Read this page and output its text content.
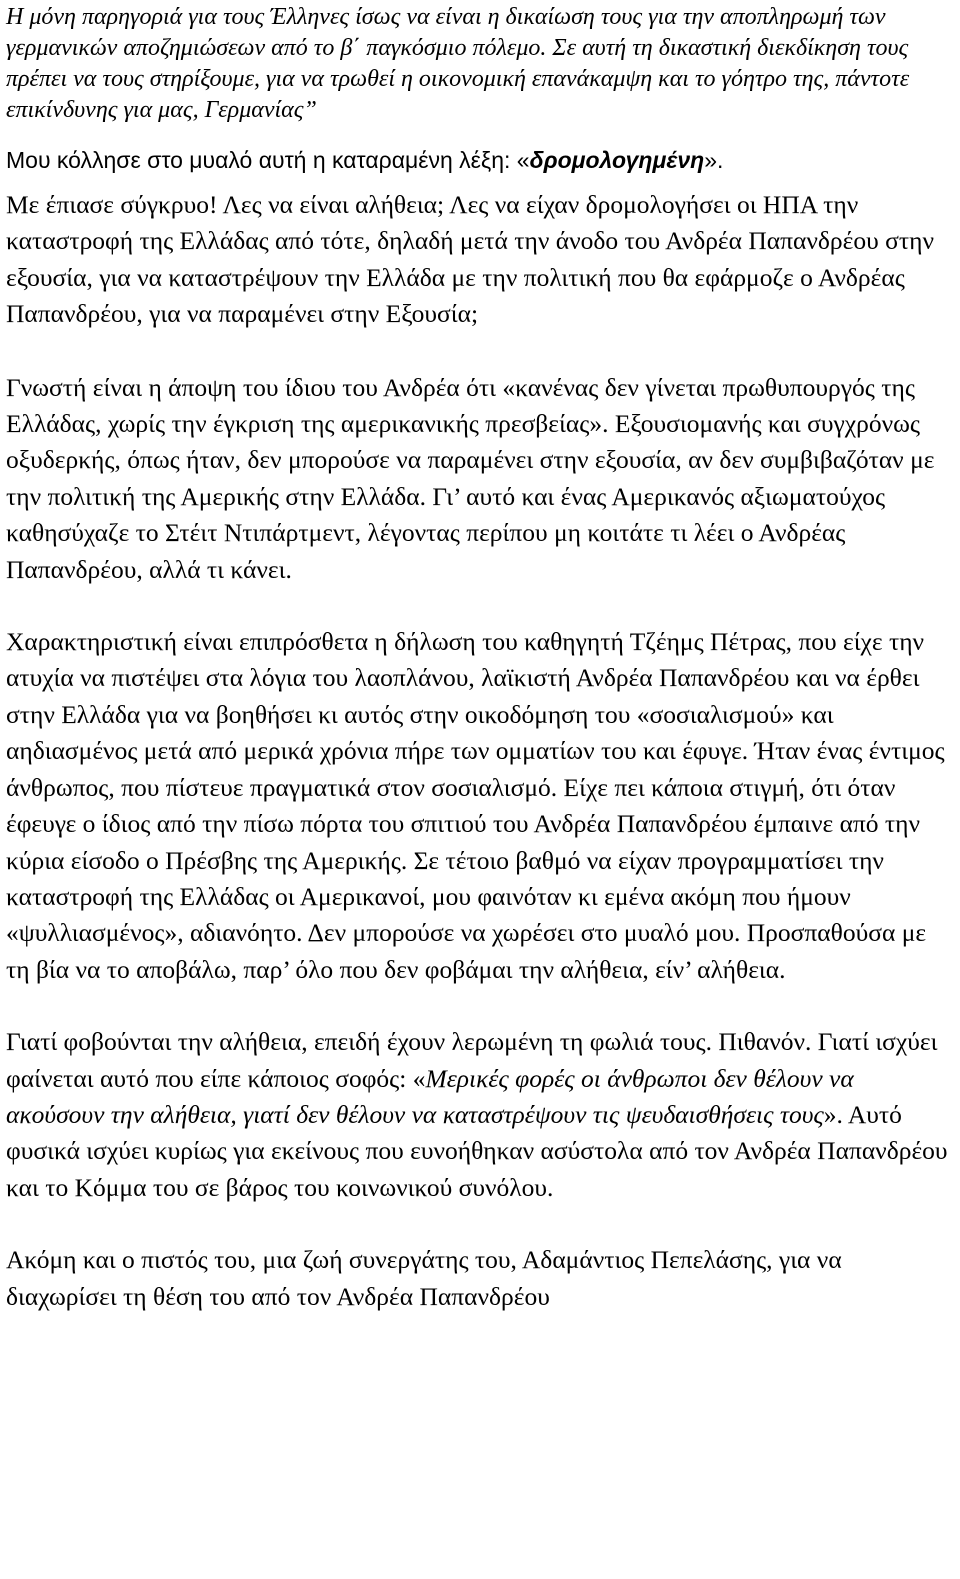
Η μόνη παρηγοριά για τους Έλληνες ίσως να είναι η δικαίωση τους για την αποπληρωμή των γερμανικών αποζημιώσεων από το β΄ παγκόσμιο πόλεμο. Σε αυτή τη δικαστική διεκδίκηση τους πρέπει να τους στηρίξουμε, για να τρωθεί η οικονομική επανάκαμψη και το γόητρο της, πάντοτε επικίνδυνης για μας, Γερμανίας”

Μου κόλλησε στο μυαλό αυτή η καταραμένη λέξη: «δρομολογημένη».

Με έπιασε σύγκρυο! Λες να είναι αλήθεια; Λες να είχαν δρομολογήσει οι ΗΠΑ την καταστροφή της Ελλάδας από τότε, δηλαδή μετά την άνοδο του Ανδρέα Παπανδρέου στην εξουσία, για να καταστρέψουν την Ελλάδα με την πολιτική που θα εφάρμοζε ο Ανδρέας Παπανδρέου, για να παραμένει στην Εξουσία;

Γνωστή είναι η άποψη του ίδιου του Ανδρέα ότι «κανένας δεν γίνεται πρωθυπουργός της Ελλάδας, χωρίς την έγκριση της αμερικανικής πρεσβείας». Εξουσιομανής και συγχρόνως οξυδερκής, όπως ήταν, δεν μπορούσε να παραμένει στην εξουσία, αν δεν συμβιβαζόταν με την πολιτική της Αμερικής στην Ελλάδα. Γι’ αυτό και ένας Αμερικανός αξιωματούχος καθησύχαζε το Στέιτ Ντιπάρτμεντ, λέγοντας περίπου μη κοιτάτε τι λέει ο Ανδρέας Παπανδρέου, αλλά τι κάνει.

Χαρακτηριστική είναι επιπρόσθετα η δήλωση του καθηγητή Τζέημς Πέτρας, που είχε την ατυχία να πιστέψει στα λόγια του λαοπλάνου, λαϊκιστή Ανδρέα Παπανδρέου και να έρθει στην Ελλάδα για να βοηθήσει κι αυτός στην οικοδόμηση του «σοσιαλισμού» και αηδιασμένος μετά από μερικά χρόνια πήρε των ομματίων του και έφυγε. Ήταν ένας έντιμος άνθρωπος, που πίστευε πραγματικά στον σοσιαλισμό. Είχε πει κάποια στιγμή, ότι όταν έφευγε ο ίδιος από την πίσω πόρτα του σπιτιού του Ανδρέα Παπανδρέου έμπαινε από την κύρια είσοδο ο Πρέσβης της Αμερικής. Σε τέτοιο βαθμό να είχαν προγραμματίσει την καταστροφή της Ελλάδας οι Αμερικανοί, μου φαινόταν κι εμένα ακόμη που ήμουν «ψυλλιασμένος», αδιανόητο. Δεν μπορούσε να χωρέσει στο μυαλό μου. Προσπαθούσα με τη βία να το αποβάλω, παρ’ όλο που δεν φοβάμαι την αλήθεια, είν’ αλήθεια.

Γιατί φοβούνται την αλήθεια, επειδή έχουν λερωμένη τη φωλιά τους. Πιθανόν. Γιατί ισχύει φαίνεται αυτό που είπε κάποιος σοφός: «Μερικές φορές οι άνθρωποι δεν θέλουν να ακούσουν την αλήθεια, γιατί δεν θέλουν να καταστρέψουν τις ψευδαισθήσεις τους». Αυτό φυσικά ισχύει κυρίως για εκείνους που ευνοήθηκαν ασύστολα από τον Ανδρέα Παπανδρέου και το Κόμμα του σε βάρος του κοινωνικού συνόλου.

Ακόμη και ο πιστός του, μια ζωή συνεργάτης του, Αδαμάντιος Πεπελάσης, για να διαχωρίσει τη θέση του από τον Ανδρέα Παπανδρέου
